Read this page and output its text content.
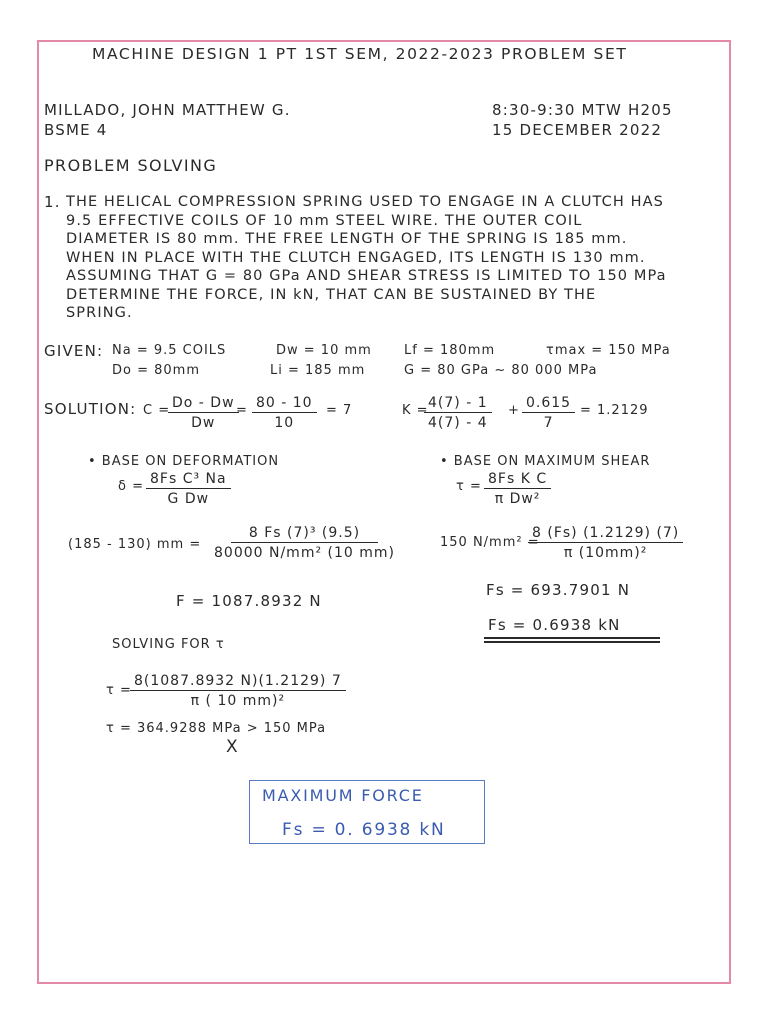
MACHINE DESIGN 1 PT 1ST SEM, 2022-2023 PROBLEM SET
MILLADO, JOHN MATTHEW G.
BSME 4
8:30-9:30 MTW H205
15 DECEMBER 2022
PROBLEM SOLVING
1. THE HELICAL COMPRESSION SPRING USED TO ENGAGE IN A CLUTCH HAS
9.5 EFFECTIVE COILS OF 10 mm STEEL WIRE. THE OUTER COIL
DIAMETER IS 80 mm. THE FREE LENGTH OF THE SPRING IS 185 mm.
WHEN IN PLACE WITH THE CLUTCH ENGAGED, ITS LENGTH IS 130 mm.
ASSUMING THAT G = 80 GPa AND SHEAR STRESS IS LIMITED TO 150 MPa
DETERMINE THE FORCE, IN kN, THAT CAN BE SUSTAINED BY THE
SPRING.
GIVEN: Na = 9.5 COILS	Dw = 10 mm Lf = 180mm	τmax = 150 MPa
Do = 80mm	Li = 185 mm	G = 80 GPa ~ 80 000 MPa
SOLUTION: C =
$\frac{Do - Dw}{Dw}$
= $\frac{80 - 10}{10} = 7$	K =
$\frac{4(7) - 1}{4(7) - 4} + \frac{0.615}{7} = 1.2129$
• BASE ON DEFORMATION
$\delta = \frac{\text{8Fs C³ Na}}{\text{G Dw}}$
(185 - 130) mm = $\frac{\text{8 Fs (7)³ (9.5)}}{\text{80000 N/mm² (10 mm)}}$
F = 1087.8932 N
SOLVING FOR τ
τ =
$\frac{8(1087.8932 N)(1.2129) 7}{\text{π ( 10 mm)²}}$
τ = 364.9288 MPa > 150 MPa
X
• BASE ON MAXIMUM SHEAR
$\tau = \frac{\text{8Fs K C}}{\text{π Dw²}}$
150 N/mm² =
$\frac{8 (Fs) (1.2129) (7)}{\text{π (10mm)²}}$
Fs = 693.7901 N
Fs = 0.6938 kN
MAXIMUM FORCE
Fs = 0. 6938 kN
